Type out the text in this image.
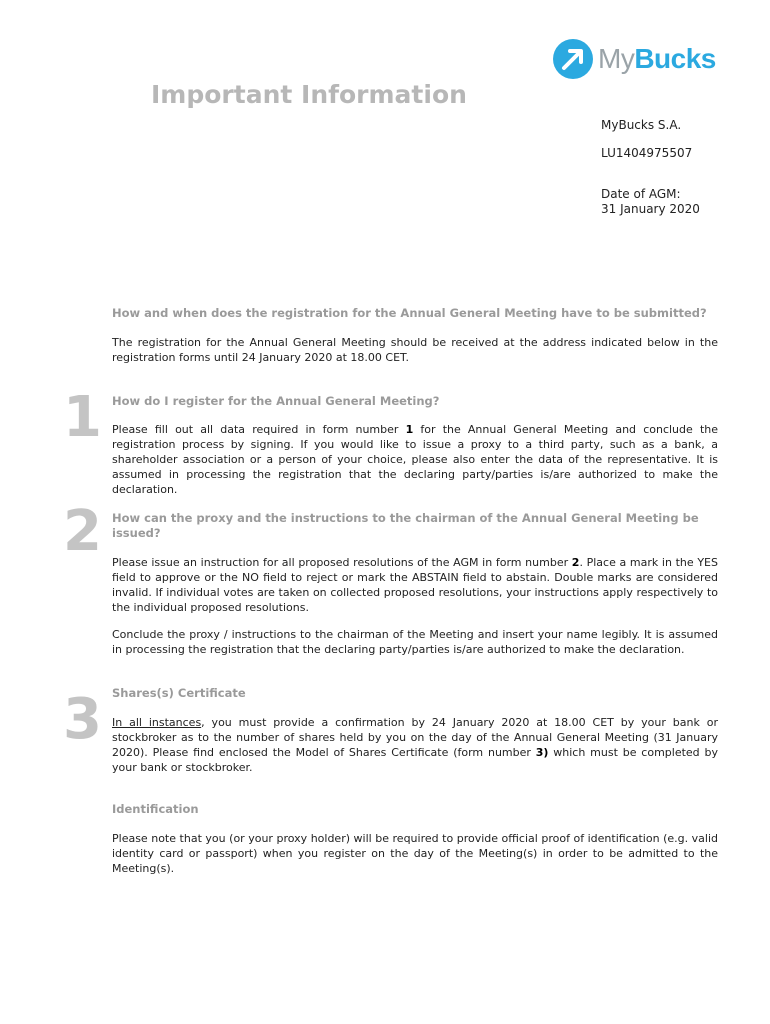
MyBucks
Important Information
MyBucks S.A.
LU1404975507
Date of AGM:
31 January 2020
How and when does the registration for the Annual General Meeting have to be submitted?

The registration for the Annual General Meeting should be received at the address indicated below in the registration forms until 24 January 2020 at 18.00 CET.

1 How do I register for the Annual General Meeting?

Please fill out all data required in form number 1 for the Annual General Meeting and conclude the registration process by signing. If you would like to issue a proxy to a third party, such as a bank, a shareholder association or a person of your choice, please also enter the data of the representative. It is assumed in processing the registration that the declaring party/parties is/are authorized to make the declaration.

2 How can the proxy and the instructions to the chairman of the Annual General Meeting be issued?

Please issue an instruction for all proposed resolutions of the AGM in form number 2. Place a mark in the YES field to approve or the NO field to reject or mark the ABSTAIN field to abstain. Double marks are considered invalid. If individual votes are taken on collected proposed resolutions, your instructions apply respectively to the individual proposed resolutions.

Conclude the proxy / instructions to the chairman of the Meeting and insert your name legibly. It is assumed in processing the registration that the declaring party/parties is/are authorized to make the declaration.

3 Shares(s) Certificate

In all instances, you must provide a confirmation by 24 January 2020 at 18.00 CET by your bank or stockbroker as to the number of shares held by you on the day of the Annual General Meeting (31 January 2020). Please find enclosed the Model of Shares Certificate (form number 3) which must be completed by your bank or stockbroker.

Identification

Please note that you (or your proxy holder) will be required to provide official proof of identification (e.g. valid identity card or passport) when you register on the day of the Meeting(s) in order to be admitted to the Meeting(s).
